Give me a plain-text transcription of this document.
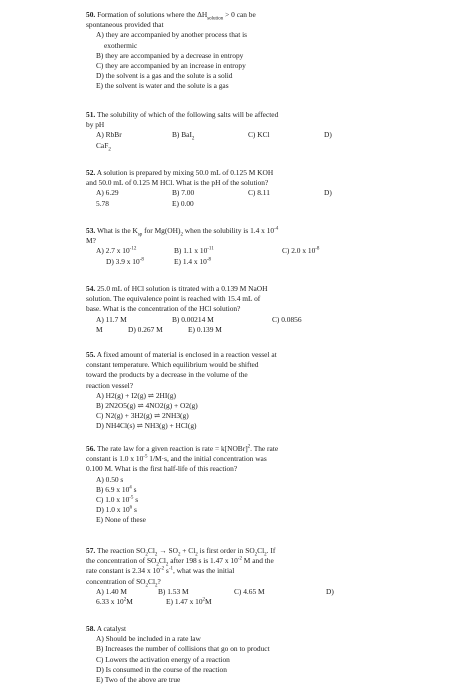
50. Formation of solutions where the $\Delta H_{solution} > 0$ can be
spontaneous provided that
A) they are accompanied by another process that is
exothermic
B) they are accompanied by a decrease in entropy
C) they are accompanied by an increase in entropy
D) the solvent is a gas and the solute is a solid
E) the solvent is water and the solute is a gas
51. The solubility of which of the following salts will be affected
by pH
A) RbBr	B) BaI$_2$	C) KCl	D)
CaF$_2$
52. A solution is prepared by mixing 50.0 mL of 0.125 M KOH
and 50.0 mL of 0.125 M HCl. What is the pH of the solution?
A) 6.29	B) 7.00	C) 8.11	D)
5.78	E) 0.00
53. What is the $K_{sp}$ for $Mg(OH)_2$ when the solubility is 1.4 x $10^{-4}$
M?
A) 2.7 x $10^{-12}$	B) 1.1 x $10^{-11}$	C) 2.0 x $10^{-8}$
D) 3.9 x $10^{-8}$	E) 1.4 x $10^{-8}$
54. 25.0 mL of HCl solution is titrated with a 0.139 M NaOH
solution. The equivalence point is reached with 15.4 mL of
base. What is the concentration of the HCl solution?
A) 11.7 M	B) 0.00214 M	C) 0.0856
M	D) 0.267 M	E) 0.139 M
55. A fixed amount of material is enclosed in a reaction vessel at
constant temperature. Which equilibrium would be shifted
toward the products by a decrease in the volume of the
reaction vessel?
A) H2(g) + I2(g) ⇌ 2HI(g)
B) 2N2O5(g) ⇌ 4NO2(g) + O2(g)
C) N2(g) + 3H2(g) ⇌ 2NH3(g)
D) NH4Cl(s) ⇌ NH3(g) + HCl(g)
56. The rate law for a given reaction is rate = k[NOBr]$^2$. The rate
constant is 1.0 x $10^{-5}$ 1/M·s, and the initial concentration was
0.100 M. What is the first half-life of this reaction?
A) 0.50 s
B) 6.9 x $10^4$ s
C) 1.0 x $10^{-5}$ s
D) 1.0 x $10^6$ s
E) None of these
57. The reaction $SO_2Cl_2 \to SO_2 + Cl_2$ is first order in $SO_2Cl_2$. If
the concentration of $SO_2Cl_2$ after 198 s is 1.47 x $10^{-2}$ M and the
rate constant is 2.34 x $10^{-2}$ $s^{-1}$, what was the initial
concentration of $SO_2Cl_2$?
A) 1.40 M	B) 1.53 M	C) 4.65 M	D)
6.33 x $10^2M$	E) 1.47 x $10^2M$
58. A catalyst
A) Should be included in a rate law
B) Increases the number of collisions that go on to product
C) Lowers the activation energy of a reaction
D) Is consumed in the course of the reaction
E) Two of the above are true
